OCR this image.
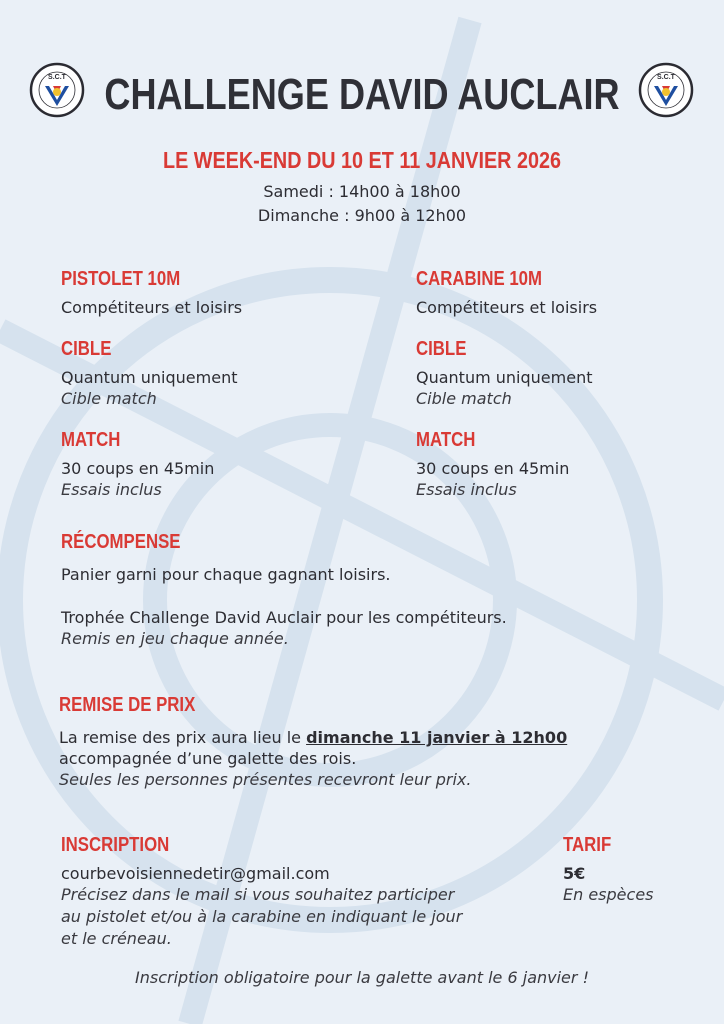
S.C.T	S.C.T
CHALLENGE DAVID AUCLAIR
LE WEEK-END DU 10 ET 11 JANVIER 2026
Samedi : 14h00 à 18h00
Dimanche : 9h00 à 12h00
PISTOLET 10M
Compétiteurs et loisirs
CIBLE
Quantum uniquement
Cible match
MATCH
30 coups en 45min
Essais inclus
CARABINE 10M
Compétiteurs et loisirs
CIBLE
Quantum uniquement
Cible match
MATCH
30 coups en 45min
Essais inclus
RÉCOMPENSE
Panier garni pour chaque gagnant loisirs.
Trophée Challenge David Auclair pour les compétiteurs.
Remis en jeu chaque année.
REMISE DE PRIX
La remise des prix aura lieu le dimanche 11 janvier à 12h00
accompagnée d’une galette des rois.
Seules les personnes présentes recevront leur prix.
INSCRIPTION
courbevoisiennedetir@gmail.com
Précisez dans le mail si vous souhaitez participer
au pistolet et/ou à la carabine en indiquant le jour
et le créneau.
TARIF
5€
En espèces
Inscription obligatoire pour la galette avant le 6 janvier !
